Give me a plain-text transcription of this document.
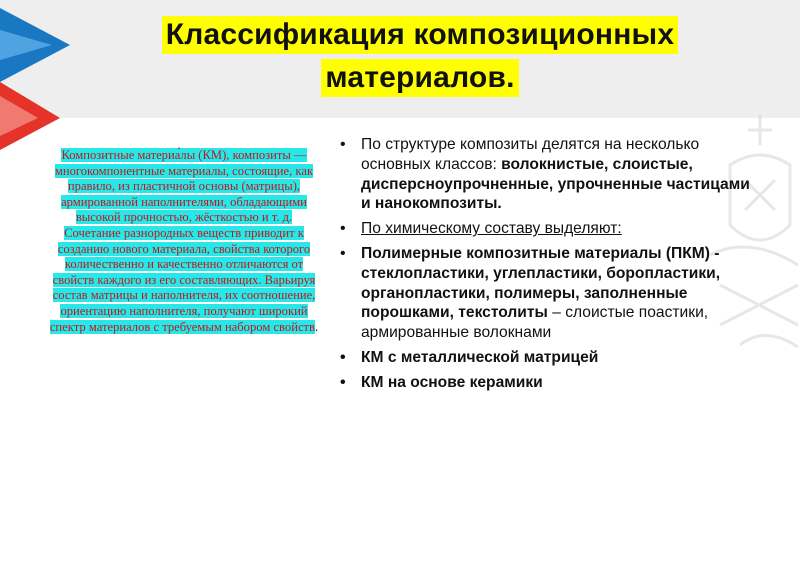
Классификация композиционных
материалов.
Композитные материа́лы (КМ), композиты — многокомпонентные материалы, состоящие, как правило, из пластичной основы (матрицы), армированной наполнителями, обладающими высокой прочностью, жёсткостью и т. д. Сочетание разнородных веществ приводит к созданию нового материала, свойства которого количественно и качественно отличаются от свойств каждого из его составляющих. Варьируя состав матрицы и наполнителя, их соотношение, ориентацию наполнителя, получают широкий спектр материалов с требуемым набором свойств.
• По структуре композиты делятся на несколько основных классов: волокнистые, слоистые, дисперсноупрочненные, упрочненные частицами и нанокомпозиты.
• По химическому составу выделяют:
• Полимерные композитные материалы (ПКМ) - стеклопластики, углепластики, боропластики, органопластики, полимеры, заполненные порошками, текстолиты – слоистые поастики, армированные волокнами
• КМ с металлической матрицей
• КМ на основе керамики
